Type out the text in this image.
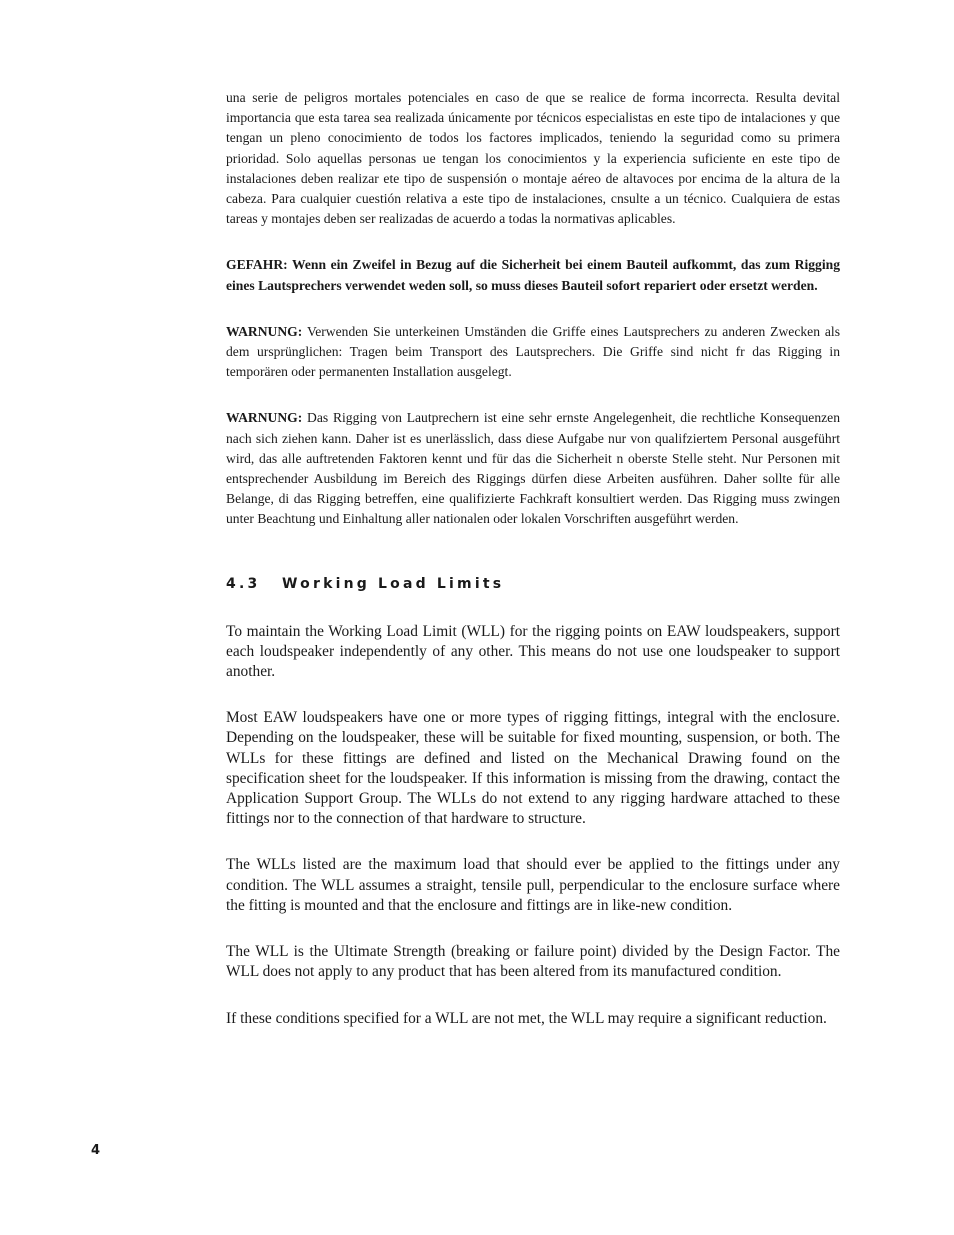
una serie de peligros mortales potenciales en caso de que se realice de forma incorrecta. Resulta devital importancia que esta tarea sea realizada únicamente por técnicos especialistas en este tipo de intalaciones y que tengan un pleno conocimiento de todos los factores implicados, teniendo la seguridad como su primera prioridad. Solo aquellas personas ue tengan los conocimientos y la experiencia suficiente en este tipo de instalaciones deben realizar ete tipo de suspensión o montaje aéreo de altavoces por encima de la altura de la cabeza. Para cualquier cuestión relativa a este tipo de instalaciones, cnsulte a un técnico. Cualquiera de estas tareas y montajes deben ser realizadas de acuerdo a todas la normativas aplicables.

GEFAHR: Wenn ein Zweifel in Bezug auf die Sicherheit bei einem Bauteil aufkommt, das zum Rigging eines Lautsprechers verwendet weden soll, so muss dieses Bauteil sofort repariert oder ersetzt werden.

WARNUNG: Verwenden Sie unterkeinen Umständen die Griffe eines Lautsprechers zu anderen Zwecken als dem ursprünglichen: Tragen beim Transport des Lautsprechers. Die Griffe sind nicht fr das Rigging in temporären oder permanenten Installation ausgelegt.

WARNUNG: Das Rigging von Lautprechern ist eine sehr ernste Angelegenheit, die rechtliche Konsequenzen nach sich ziehen kann. Daher ist es unerlässlich, dass diese Aufgabe nur von qualifziertem Personal ausgeführt wird, das alle auftretenden Faktoren kennt und für das die Sicherheit n oberste Stelle steht. Nur Personen mit entsprechender Ausbildung im Bereich des Riggings dürfen diese Arbeiten ausführen. Daher sollte für alle Belange, di das Rigging betreffen, eine qualifizierte Fachkraft konsultiert werden. Das Rigging muss zwingen unter Beachtung und Einhaltung aller nationalen oder lokalen Vorschriften ausgeführt werden.

4.3 Working Load Limits

To maintain the Working Load Limit (WLL) for the rigging points on EAW loudspeakers, support each loudspeaker independently of any other. This means do not use one loudspeaker to support another.

Most EAW loudspeakers have one or more types of rigging fittings, integral with the enclosure. Depending on the loudspeaker, these will be suitable for fixed mounting, suspension, or both. The WLLs for these fittings are defined and listed on the Mechanical Drawing found on the specification sheet for the loudspeaker. If this information is missing from the drawing, contact the Application Support Group. The WLLs do not extend to any rigging hardware attached to these fittings nor to the connection of that hardware to structure.

The WLLs listed are the maximum load that should ever be applied to the fittings under any condition. The WLL assumes a straight, tensile pull, perpendicular to the enclosure surface where the fitting is mounted and that the enclosure and fittings are in like-new condition.

The WLL is the Ultimate Strength (breaking or failure point) divided by the Design Factor. The WLL does not apply to any product that has been altered from its manufactured condition.

If these conditions specified for a WLL are not met, the WLL may require a significant reduction.

4
